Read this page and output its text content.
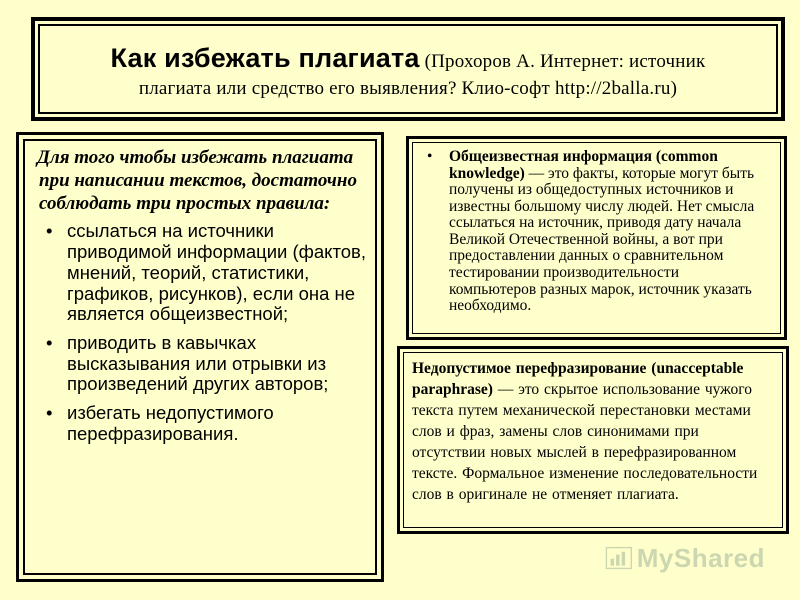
Как избежать плагиата (Прохоров А. Интернет: источник
плагиата или средство его выявления? Клио-софт http://2balla.ru)

Для того чтобы избежать плагиата при написании текстов, достаточно соблюдать три простых правила:

• ссылаться на источники приводимой информации (фактов, мнений, теорий, статистики, графиков, рисунков), если она не является общеизвестной;
• приводить в кавычках высказывания или отрывки из произведений других авторов;
• избегать недопустимого перефразирования.
• Общеизвестная информация (common knowledge) — это факты, которые могут быть получены из общедоступных источников и известны большому числу людей. Нет смысла ссылаться на источник, приводя дату начала Великой Отечественной войны, а вот при предоставлении данных о сравнительном тестировании производительности компьютеров разных марок, источник указать необходимо.

Недопустимое перефразирование (unacceptable paraphrase) — это скрытое использование чужого текста путем механической перестановки местами слов и фраз, замены слов синонимами при отсутствии новых мыслей в перефразированном тексте. Формальное изменение последовательности слов в оригинале не отменяет плагиата.

MyShared
